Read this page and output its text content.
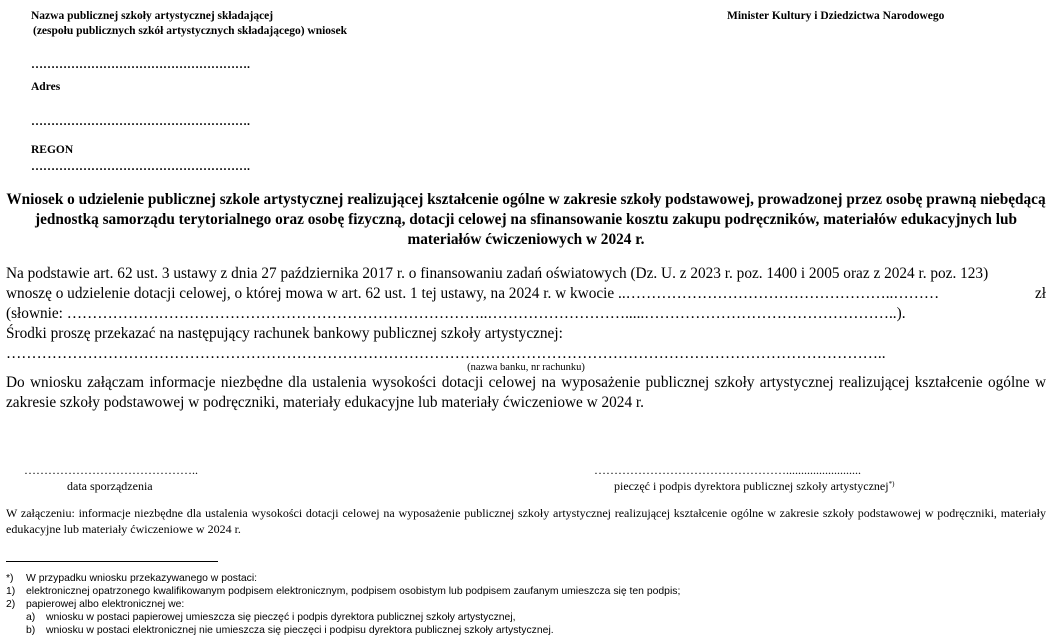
Nazwa publicznej szkoły artystycznej składającej
(zespołu publicznych szkół artystycznych składającego) wniosek
Minister Kultury i Dziedzictwa Narodowego
……………………………………………….
Adres
……………………………………………….
REGON
……………………………………………….
Wniosek o udzielenie publicznej szkole artystycznej realizującej kształcenie ogólne w zakresie szkoły podstawowej, prowadzonej przez osobę prawną niebędącą jednostką samorządu terytorialnego oraz osobę fizyczną, dotacji celowej na sfinansowanie kosztu zakupu podręczników, materiałów edukacyjnych lub materiałów ćwiczeniowych w 2024 r.
Na podstawie art. 62 ust. 3 ustawy z dnia 27 października 2017 r. o finansowaniu zadań oświatowych (Dz. U. z 2023 r. poz. 1400 i 2005 oraz z 2024 r. poz. 123)
wnoszę o udzielenie dotacji celowej, o której mowa w art. 62 ust. 1 tej ustawy, na 2024 r. w kwocie ..……………………………………………..………	zł
(słownie: ………………………………………………………………………..……………………….....…………………………………………..).
Środki proszę przekazać na następujący rachunek bankowy publicznej szkoły artystycznej:
………………………………………………………………………………………………………………………………………………………..
(nazwa banku, nr rachunku)
Do wniosku załączam informacje niezbędne dla ustalenia wysokości dotacji celowej na wyposażenie publicznej szkoły artystycznej realizującej kształcenie ogólne w zakresie szkoły podstawowej w podręczniki, materiały edukacyjne lub materiały ćwiczeniowe w 2024 r.
……………………………………..
data sporządzenia
………………………………………….........................
pieczęć i podpis dyrektora publicznej szkoły artystycznej*)
W załączeniu: informacje niezbędne dla ustalenia wysokości dotacji celowej na wyposażenie publicznej szkoły artystycznej realizującej kształcenie ogólne w zakresie szkoły podstawowej w podręczniki, materiały edukacyjne lub materiały ćwiczeniowe w 2024 r.
*)	W przypadku wniosku przekazywanego w postaci:
1)	elektronicznej opatrzonego kwalifikowanym podpisem elektronicznym, podpisem osobistym lub podpisem zaufanym umieszcza się ten podpis;
2)	papierowej albo elektronicznej we:
a)	wniosku w postaci papierowej umieszcza się pieczęć i podpis dyrektora publicznej szkoły artystycznej,
b)	wniosku w postaci elektronicznej nie umieszcza się pieczęci i podpisu dyrektora publicznej szkoły artystycznej.
